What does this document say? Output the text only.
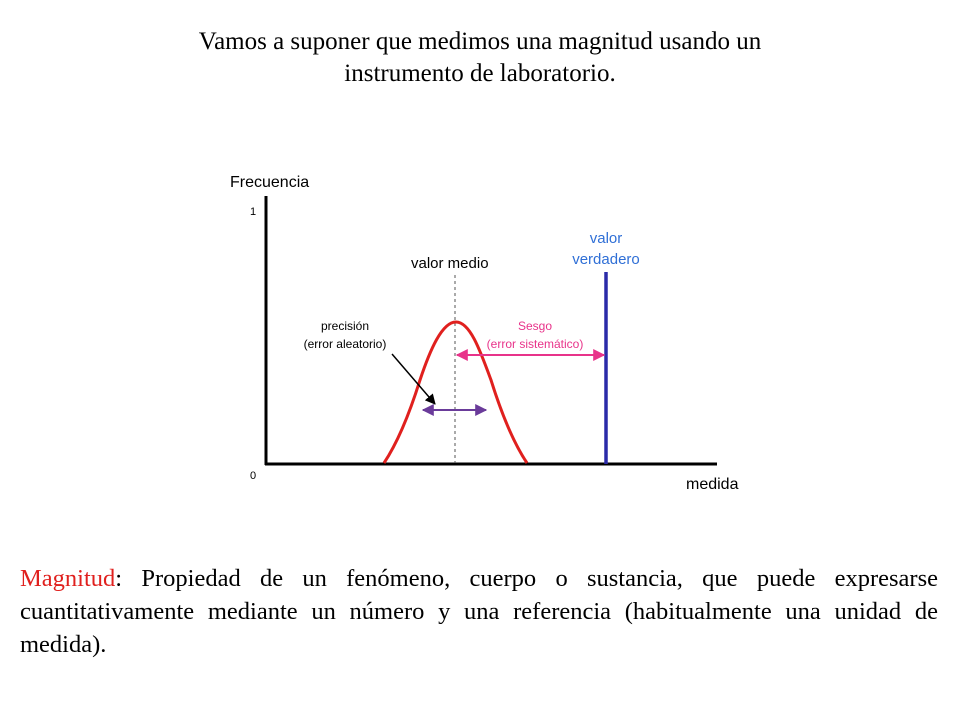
Vamos a suponer que medimos una magnitud usando un
instrumento de laboratorio.
Frecuencia
medida
1
0
valor medio
valor
verdadero
precisión
(error aleatorio)
Sesgo
(error sistemático)
Magnitud: Propiedad de un fenómeno, cuerpo o sustancia, que puede expresarse cuantitativamente mediante un número y una referencia (habitualmente una unidad de medida).
